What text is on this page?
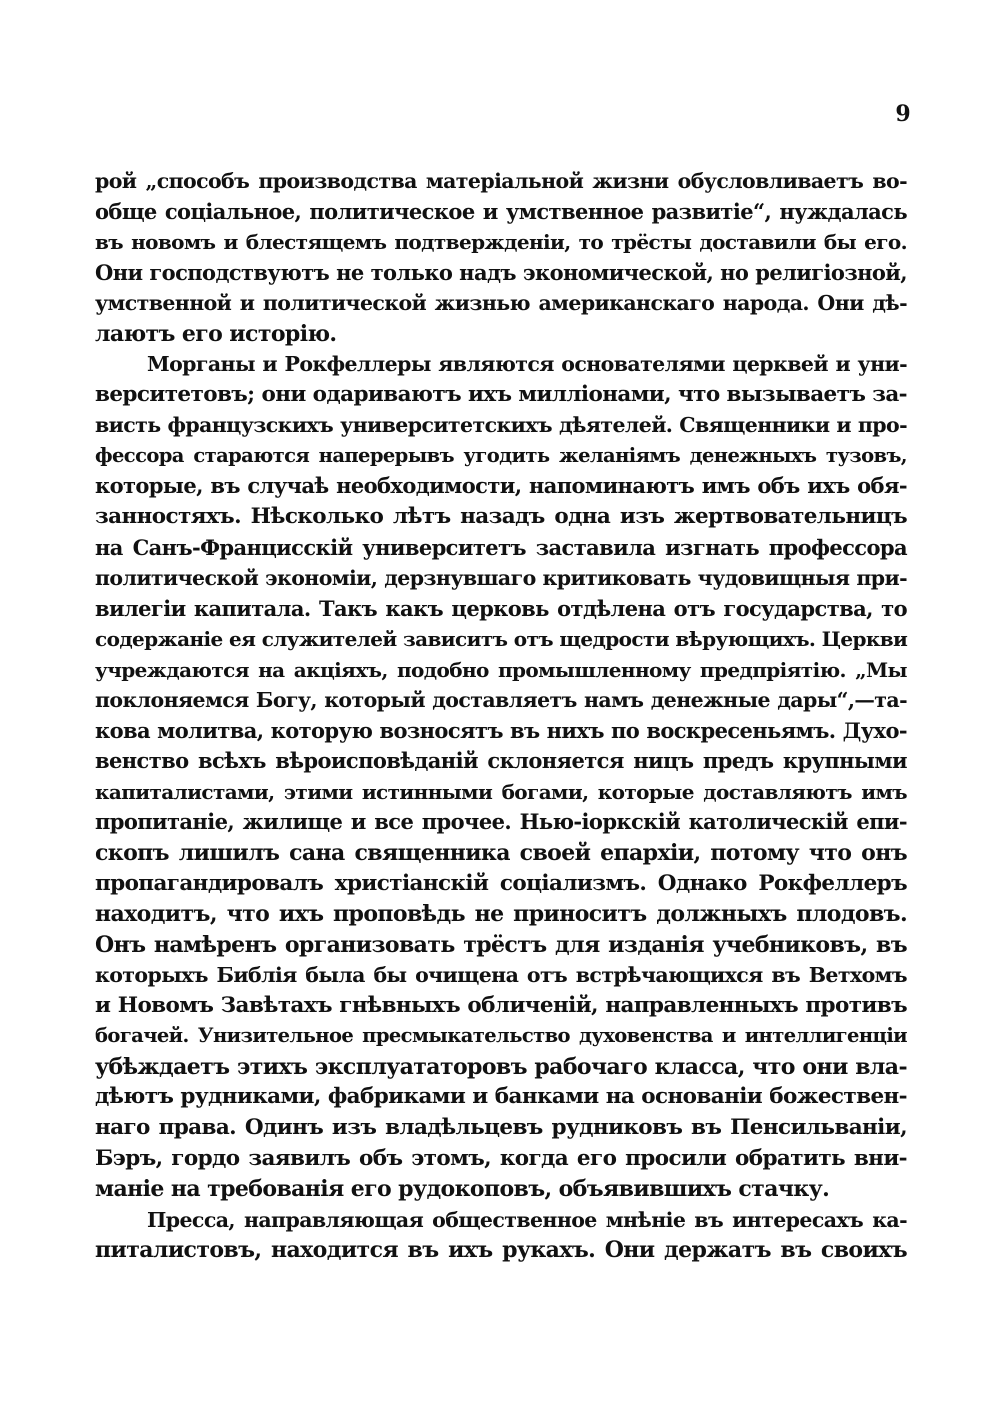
9
рой „способъ производства матеріальной жизни обусловливаетъ во-
обще соціальное, политическое и умственное развитіе“, нуждалась
въ новомъ и блестящемъ подтвержденіи, то трёсты доставили бы его.
Они господствуютъ не только надъ экономической, но религіозной,
умственной и политической жизнью американскаго народа. Они дѣ-
лаютъ его исторію.
Морганы и Рокфеллеры являются основателями церквей и уни-
верситетовъ; они одариваютъ ихъ милліонами, что вызываетъ за-
висть французскихъ университетскихъ дѣятелей. Священники и про-
фессора стараются наперерывъ угодить желаніямъ денежныхъ тузовъ,
которые, въ случаѣ необходимости, напоминаютъ имъ объ ихъ обя-
занностяхъ. Нѣсколько лѣтъ назадъ одна изъ жертвовательницъ
на Санъ-Францисскій университетъ заставила изгнать профессора
политической экономіи, дерзнувшаго критиковать чудовищныя при-
вилегіи капитала. Такъ какъ церковь отдѣлена отъ государства, то
содержаніе ея служителей зависитъ отъ щедрости вѣрующихъ. Церкви
учреждаются на акціяхъ, подобно промышленному предпріятію. „Мы
поклоняемся Богу, который доставляетъ намъ денежные дары“,—та-
кова молитва, которую возносятъ въ нихъ по воскресеньямъ. Духо-
венство всѣхъ вѣроисповѣданій склоняется ницъ предъ крупными
капиталистами, этими истинными богами, которые доставляютъ имъ
пропитаніе, жилище и все прочее. Нью-іоркскій католическій епи-
скопъ лишилъ сана священника своей епархіи, потому что онъ
пропагандировалъ христіанскій соціализмъ. Однако Рокфеллеръ
находитъ, что ихъ проповѣдь не приноситъ должныхъ плодовъ.
Онъ намѣренъ организовать трёстъ для изданія учебниковъ, въ
которыхъ Библія была бы очищена отъ встрѣчающихся въ Ветхомъ
и Новомъ Завѣтахъ гнѣвныхъ обличеній, направленныхъ противъ
богачей. Унизительное пресмыкательство духовенства и интеллигенціи
убѣждаетъ этихъ эксплуататоровъ рабочаго класса, что они вла-
дѣютъ рудниками, фабриками и банками на основаніи божествен-
наго права. Одинъ изъ владѣльцевъ рудниковъ въ Пенсильваніи,
Бэръ, гордо заявилъ объ этомъ, когда его просили обратить вни-
маніе на требованія его рудокоповъ, объявившихъ стачку.
Пресса, направляющая общественное мнѣніе въ интересахъ ка-
питалистовъ, находится въ ихъ рукахъ. Они держатъ въ своихъ
